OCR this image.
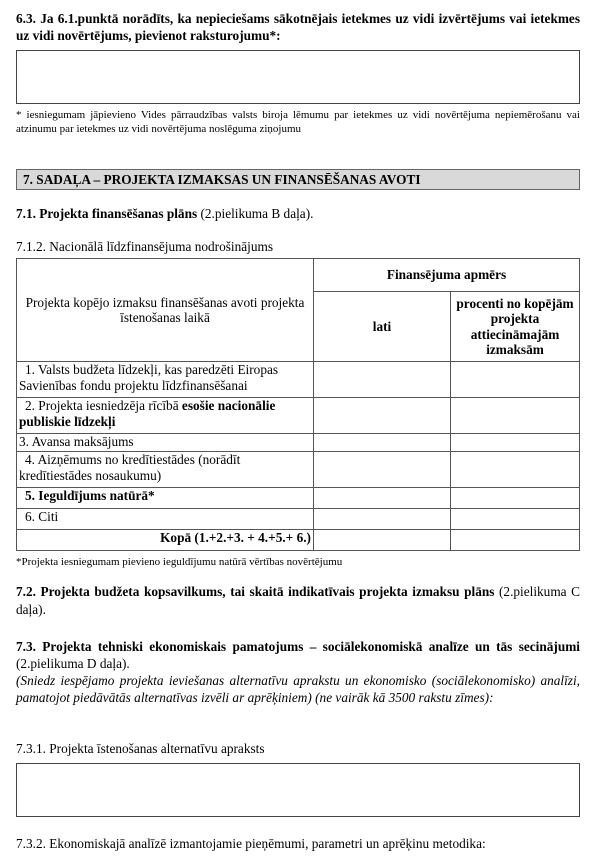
6.3. Ja 6.1.punktā norādīts, ka nepieciešams sākotnējais ietekmes uz vidi izvērtējums vai ietekmes uz vidi novērtējums, pievienot raksturojumu*:
* iesniegumam jāpievieno Vides pārraudzības valsts biroja lēmumu par ietekmes uz vidi novērtējuma nepiemērošanu vai atzinumu par ietekmes uz vidi novērtējuma noslēguma ziņojumu
7. SADAĻA – PROJEKTA IZMAKSAS UN FINANSĒŠANAS AVOTI
7.1. Projekta finansēšanas plāns (2.pielikuma B daļa).
7.1.2. Nacionālā līdzfinansējuma nodrošinājums
Projekta kopējo izmaksu finansēšanas avoti projekta īstenošanas laikā	Finansējuma apmērs	
	lati	procenti no kopējām projekta attiecināmajām izmaksām
1. Valsts budžeta līdzekļi, kas paredzēti Eiropas Savienības fondu projektu līdzfinansēšanai		
2. Projekta iesniedzēja rīcībā esošie nacionālie publiskie līdzekļi		
3. Avansa maksājums		
4. Aizņēmums no kredītiestādes (norādīt kredītiestādes nosaukumu)		
5. Ieguldījums natūrā*		
6. Citi		
Kopā (1.+2.+3. + 4.+5.+ 6.)		
*Projekta iesniegumam pievieno ieguldījumu natūrā vērtības novērtējumu
7.2. Projekta budžeta kopsavilkums, tai skaitā indikatīvais projekta izmaksu plāns (2.pielikuma C daļa).
7.3. Projekta tehniski ekonomiskais pamatojums – sociālekonomiskā analīze un tās secinājumi (2.pielikuma D daļa).
(Sniedz iespējamo projekta ieviešanas alternatīvu aprakstu un ekonomisko (sociālekonomisko) analīzi, pamatojot piedāvātās alternatīvas izvēli ar aprēķiniem) (ne vairāk kā 3500 rakstu zīmes):
7.3.1. Projekta īstenošanas alternatīvu apraksts
7.3.2. Ekonomiskajā analīzē izmantojamie pieņēmumi, parametri un aprēķinu metodika:
